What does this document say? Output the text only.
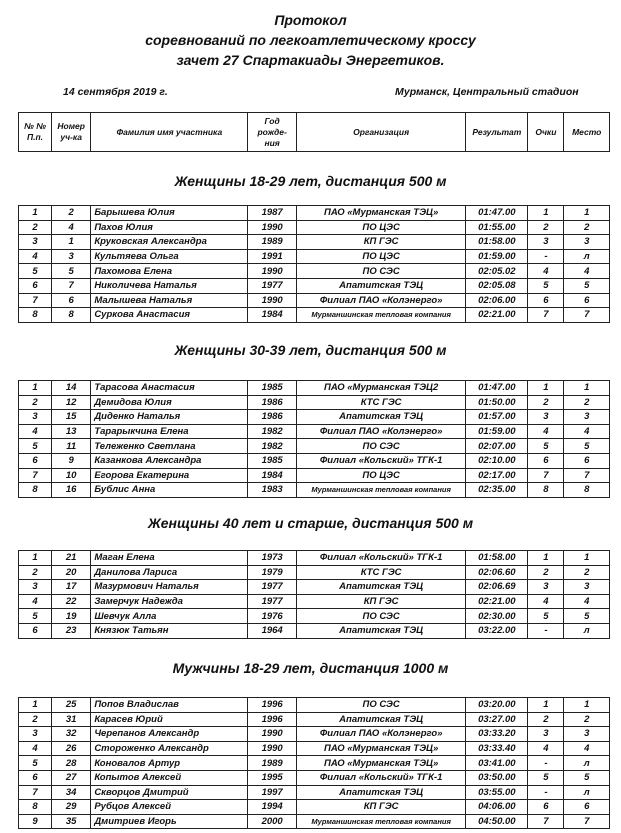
Протокол
соревнований по легкоатлетическому кроссу
зачет 27 Спартакиады Энергетиков.
14 сентября 2019 г.	Мурманск, Центральный стадион
№ № П.п.	Номер уч-ка	Фамилия имя участника	Год рожде-ния	Организация	Результат	Очки	Место
Женщины 18-29 лет, дистанция 500 м
1	2	Барышева Юлия	1987	ПАО «Мурманская ТЭЦ»	01:47.00	1	1
2	4	Пахов Юлия	1990	ПО ЦЭС	01:55.00	2	2
3	1	Круковская Александра	1989	КП ГЭС	01:58.00	3	3
4	3	Культяева Ольга	1991	ПО ЦЭС	01:59.00	-	л
5	5	Пахомова Елена	1990	ПО СЭС	02:05.02	4	4
6	7	Николичева Наталья	1977	Апатитская ТЭЦ	02:05.08	5	5
7	6	Малышева Наталья	1990	Филиал ПАО «Колэнерго»	02:06.00	6	6
8	8	Суркова Анастасия	1984	Мурманшинская тепловая компания	02:21.00	7	7
Женщины 30-39 лет, дистанция 500 м
1	14	Тарасова Анастасия	1985	ПАО «Мурманская ТЭЦ2	01:47.00	1	1
2	12	Демидова Юлия	1986	КТС ГЭС	01:50.00	2	2
3	15	Диденко Наталья	1986	Апатитская ТЭЦ	01:57.00	3	3
4	13	Тарарыкчина Елена	1982	Филиал ПАО «Колэнерго»	01:59.00	4	4
5	11	Тележенко Светлана	1982	ПО СЭС	02:07.00	5	5
6	9	Казанкова Александра	1985	Филиал «Кольский» ТГК-1	02:10.00	6	6
7	10	Егорова Екатерина	1984	ПО ЦЭС	02:17.00	7	7
8	16	Бублис Анна	1983	Мурманшинская тепловая компания	02:35.00	8	8
Женщины 40 лет и старше, дистанция 500 м
1	21	Маган Елена	1973	Филиал «Кольский» ТГК-1	01:58.00	1	1
2	20	Данилова Лариса	1979	КТС ГЭС	02:06.60	2	2
3	17	Мазурмович Наталья	1977	Апатитская ТЭЦ	02:06.69	3	3
4	22	Замерчук Надежда	1977	КП ГЭС	02:21.00	4	4
5	19	Шевчук Алла	1976	ПО СЭС	02:30.00	5	5
6	23	Князюк Татьян	1964	Апатитская ТЭЦ	03:22.00	-	л
Мужчины 18-29 лет, дистанция 1000 м
1	25	Попов Владислав	1996	ПО СЭС	03:20.00	1	1
2	31	Карасев Юрий	1996	Апатитская ТЭЦ	03:27.00	2	2
3	32	Черепанов Александр	1990	Филиал ПАО «Колэнерго»	03:33.20	3	3
4	26	Стороженко Александр	1990	ПАО «Мурманская ТЭЦ»	03:33.40	4	4
5	28	Коновалов Артур	1989	ПАО «Мурманская ТЭЦ»	03:41.00	-	л
6	27	Копытов Алексей	1995	Филиал «Кольский» ТГК-1	03:50.00	5	5
7	34	Скворцов Дмитрий	1997	Апатитская ТЭЦ	03:55.00	-	л
8	29	Рубцов Алексей	1994	КП ГЭС	04:06.00	6	6
9	35	Дмитриев Игорь	2000	Мурманшинская тепловая компания	04:50.00	7	7
